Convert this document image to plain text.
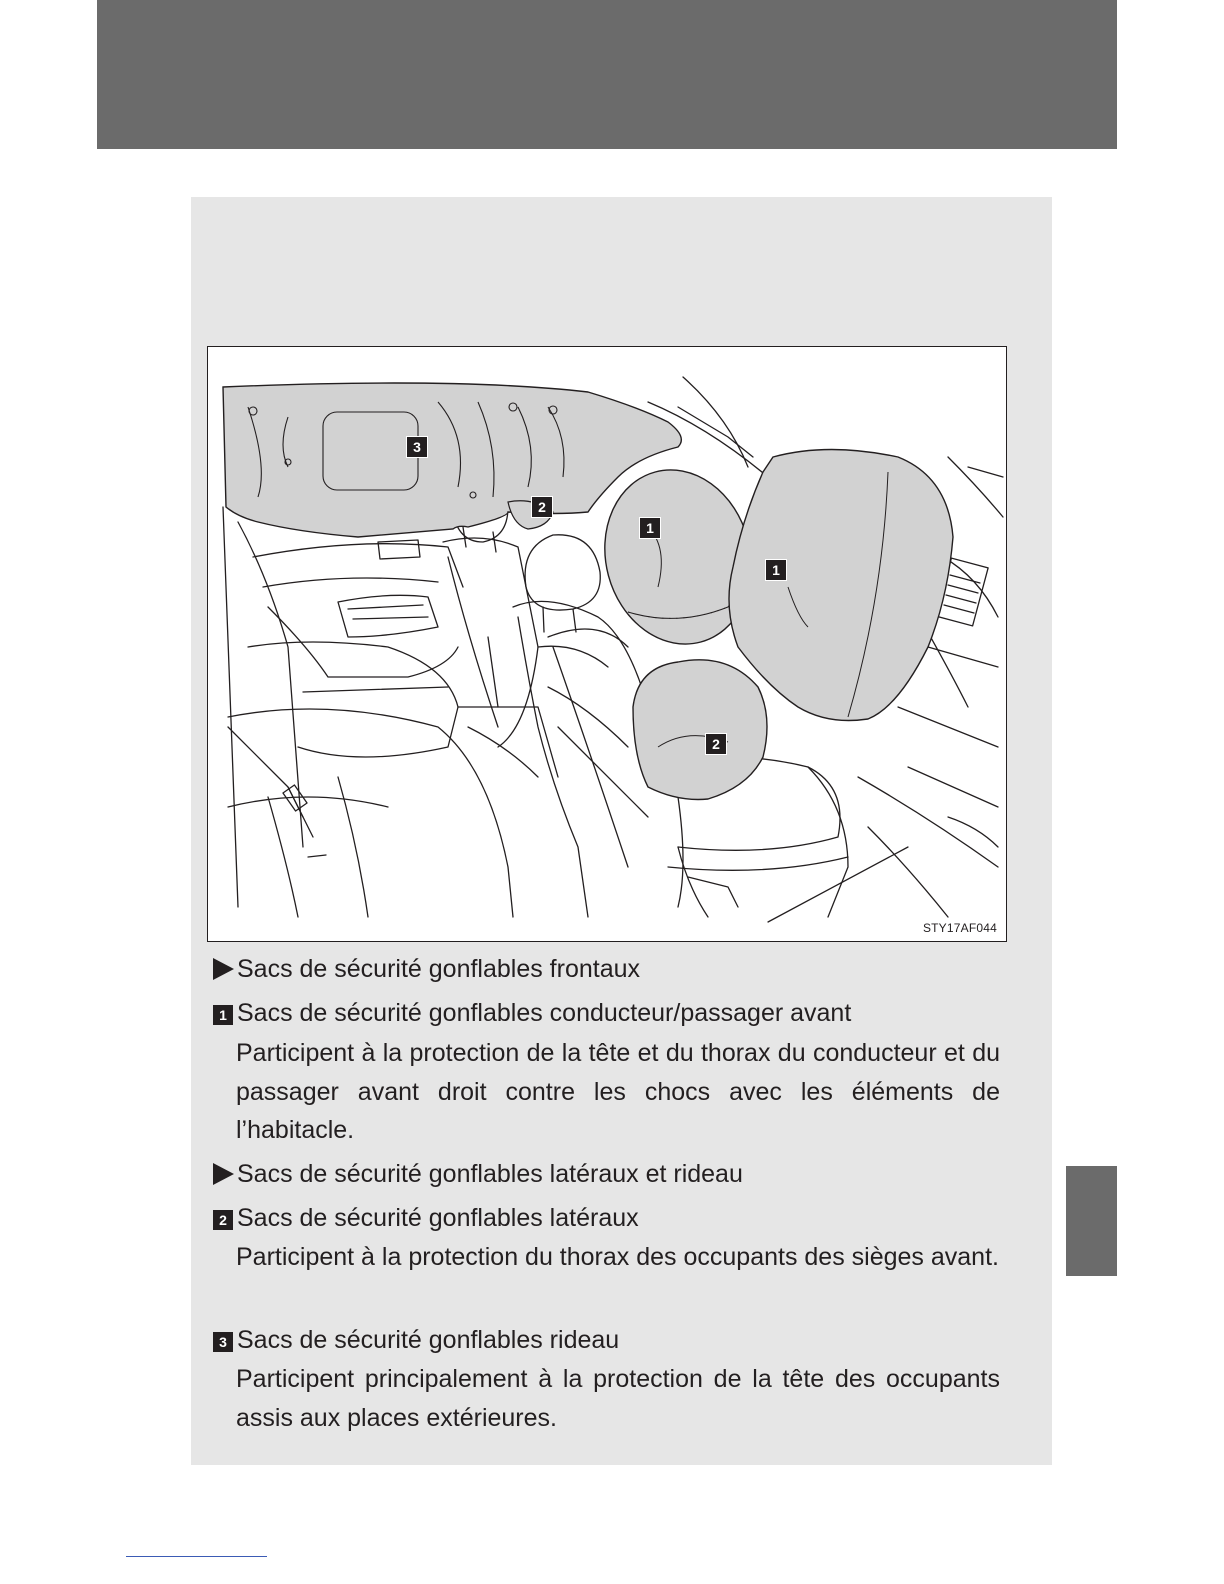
3
2
1
1
2
STY17AF044
Sacs de sécurité gonflables frontaux
1 Sacs de sécurité gonflables conducteur/passager avant
Participent à la protection de la tête et du thorax du conducteur et du passager avant droit contre les chocs avec les éléments de l’habitacle.
Sacs de sécurité gonflables latéraux et rideau
2 Sacs de sécurité gonflables latéraux
Participent à la protection du thorax des occupants des sièges avant.
3 Sacs de sécurité gonflables rideau
Participent principalement à la protection de la tête des occupants assis aux places extérieures.
